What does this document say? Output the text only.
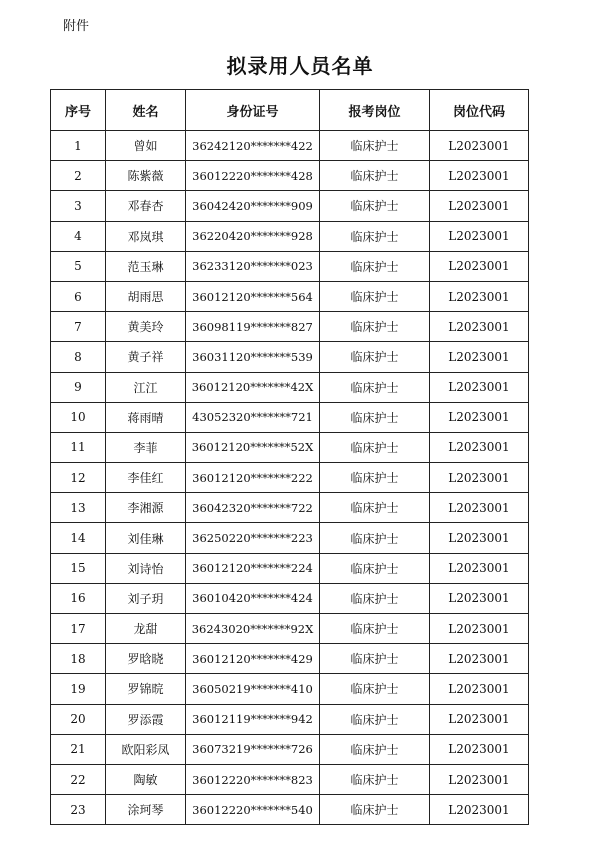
附件
拟录用人员名单
序号	姓名	身份证号	报考岗位	岗位代码
1	曾如	36242120*******422	临床护士	L2023001
2	陈紫薇	36012220*******428	临床护士	L2023001
3	邓春杏	36042420*******909	临床护士	L2023001
4	邓岚琪	36220420*******928	临床护士	L2023001
5	范玉琳	36233120*******023	临床护士	L2023001
6	胡雨思	36012120*******564	临床护士	L2023001
7	黄美玲	36098119*******827	临床护士	L2023001
8	黄子祥	36031120*******539	临床护士	L2023001
9	江江	36012120*******42X	临床护士	L2023001
10	蒋雨晴	43052320*******721	临床护士	L2023001
11	李菲	36012120*******52X	临床护士	L2023001
12	李佳红	36012120*******222	临床护士	L2023001
13	李湘源	36042320*******722	临床护士	L2023001
14	刘佳琳	36250220*******223	临床护士	L2023001
15	刘诗怡	36012120*******224	临床护士	L2023001
16	刘子玥	36010420*******424	临床护士	L2023001
17	龙甜	36243020*******92X	临床护士	L2023001
18	罗晗晓	36012120*******429	临床护士	L2023001
19	罗锦晥	36050219*******410	临床护士	L2023001
20	罗添霞	36012119*******942	临床护士	L2023001
21	欧阳彩凤	36073219*******726	临床护士	L2023001
22	陶敏	36012220*******823	临床护士	L2023001
23	涂珂琴	36012220*******540	临床护士	L2023001
